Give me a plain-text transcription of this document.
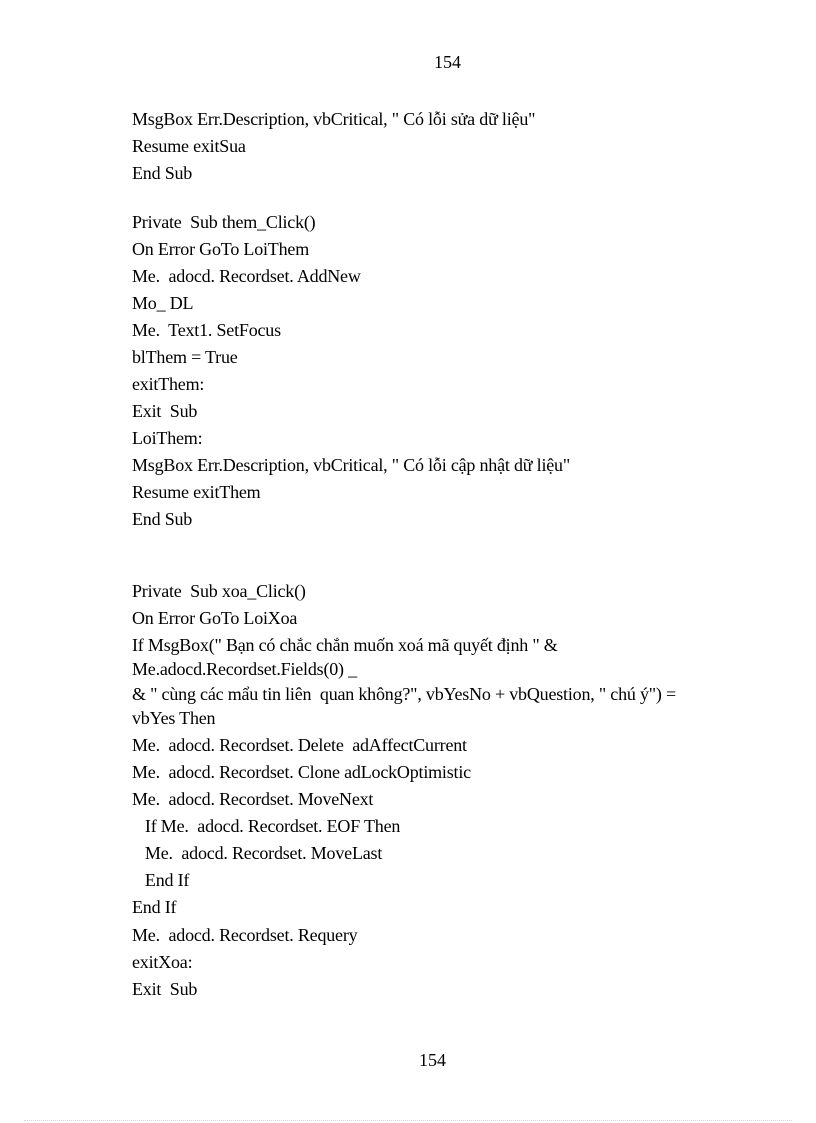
154
MsgBox Err.Description, vbCritical, " Có lỗi sửa dữ liệu"
Resume exitSua
End Sub
Private  Sub them_Click()
On Error GoTo LoiThem
Me.  adocd. Recordset. AddNew
Mo_ DL
Me.  Text1. SetFocus
blThem = True
exitThem:
Exit  Sub
LoiThem:
MsgBox Err.Description, vbCritical, " Có lỗi cập nhật dữ liệu"
Resume exitThem
End Sub
Private  Sub xoa_Click()
On Error GoTo LoiXoa
If MsgBox(" Bạn có chắc chắn muốn xoá mã quyết định " &
Me.adocd.Recordset.Fields(0) _
& " cùng các mẩu tin liên  quan không?", vbYesNo + vbQuestion, " chú ý") =
vbYes Then
Me.  adocd. Recordset. Delete  adAffectCurrent
Me.  adocd. Recordset. Clone adLockOptimistic
Me.  adocd. Recordset. MoveNext
If Me.  adocd. Recordset. EOF Then
Me.  adocd. Recordset. MoveLast
End If
End If
Me.  adocd. Recordset. Requery
exitXoa:
Exit  Sub
154
